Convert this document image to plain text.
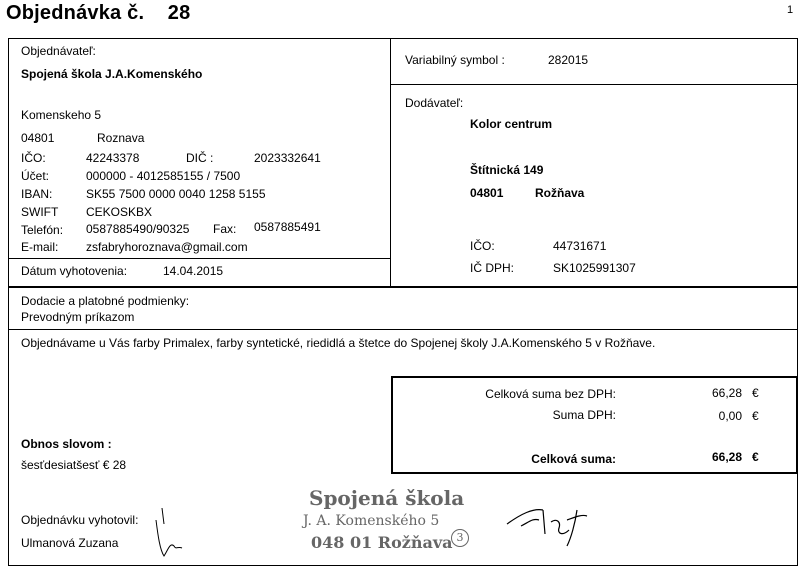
Objednávka č. 28	1
Objednávateľ:
Spojená škola J.A.Komenského
Komenskeho 5
04801	Roznava
IČO:	42243378	DIČ :	2023332641
Účet:	000000 - 4012585155 / 7500
IBAN:	SK55 7500 0000 0040 1258 5155
SWIFT CEKOSKBX
Telefón: 0587885490/90325 Fax: 0587885491
E-mail: zsfabryhoroznava@gmail.com
Dátum vyhotovenia:	14.04.2015
Variabilný symbol :	282015
Dodávateľ:
Kolor centrum
Štítnická 149
04801	Rožňava
IČO:	44731671
IČ DPH:	SK1025991307
Dodacie a platobné podmienky:
Prevodným príkazom
Objednávame u Vás farby Primalex, farby syntetické, riedidlá a štetce do Spojenej školy J.A.Komenského 5 v Rožňave.
Celková suma bez DPH:	66,28 €
Suma DPH:	0,00 €
Celková suma:	66,28 €
Obnos slovom :
šesťdesiatšesť € 28
Objednávku vyhotovil:
Ulmanová Zuzana
Spojená škola
J. A. Komenského 5
048 01 Rožňava 3
